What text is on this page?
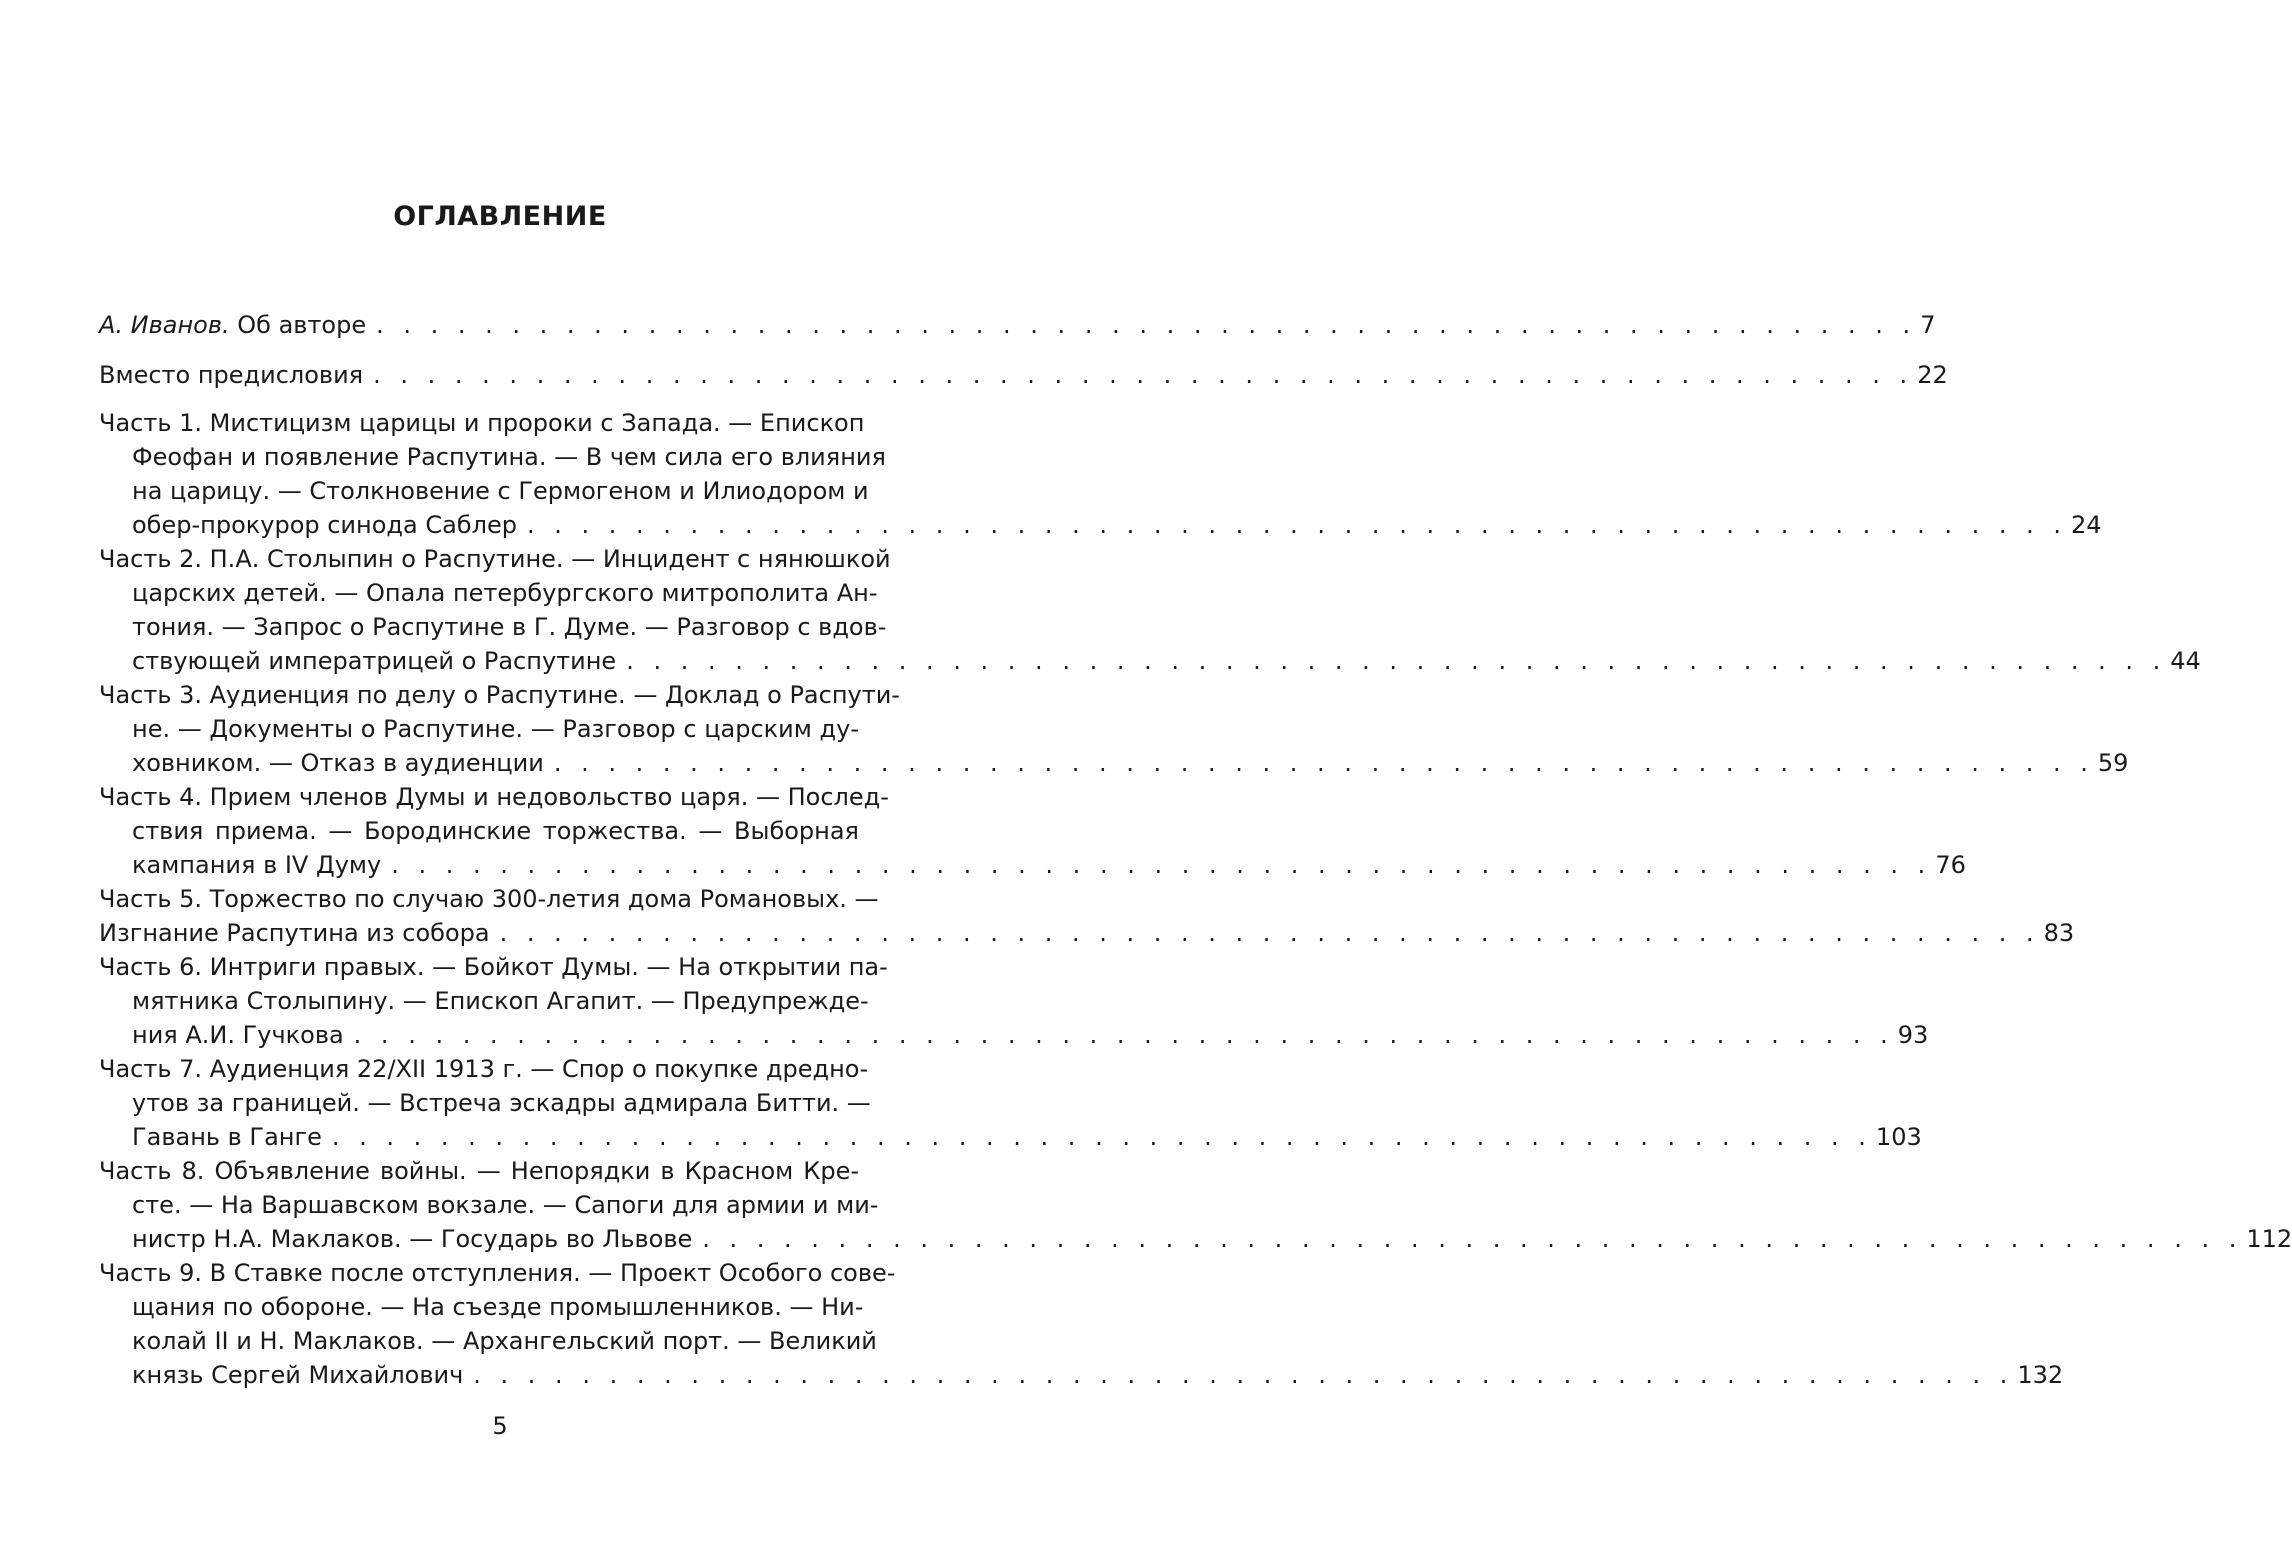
ОГЛАВЛЕНИЕ
А. Иванов. Об авторе . . . . . . . . . . . . . . . . . . . . . . . . . . . . . . . . . . . . . . . . . . . . . . . . . . . . . . . . . 7
Вместо предисловия . . . . . . . . . . . . . . . . . . . . . . . . . . . . . . . . . . . . . . . . . . . . . . . . . . . . . . . . . 22
Часть 1. Мистицизм царицы и пророки с Запада. — Епископ
Феофан и появление Распутина. — В чем сила его влияния
на царицу. — Столкновение с Гермогеном и Илиодором и
обер-прокурор синода Саблер . . . . . . . . . . . . . . . . . . . . . . . . . . . . . . . . . . . . . . . . . . . . . . . . . . . . . . . . . 24
Часть 2. П.А. Столыпин о Распутине. — Инцидент с нянюшкой
царских детей. — Опала петербургского митрополита Ан-
тония. — Запрос о Распутине в Г. Думе. — Разговор с вдов-
ствующей императрицей о Распутине . . . . . . . . . . . . . . . . . . . . . . . . . . . . . . . . . . . . . . . . . . . . . . . . . . . . . . . . . 44
Часть 3. Аудиенция по делу о Распутине. — Доклад о Распути-
не. — Документы о Распутине. — Разговор с царским ду-
ховником. — Отказ в аудиенции . . . . . . . . . . . . . . . . . . . . . . . . . . . . . . . . . . . . . . . . . . . . . . . . . . . . . . . . . 59
Часть 4. Прием членов Думы и недовольство царя. — Послед-
ствия приема. — Бородинские торжества. — Выборная
кампания в IV Думу . . . . . . . . . . . . . . . . . . . . . . . . . . . . . . . . . . . . . . . . . . . . . . . . . . . . . . . . . 76
Часть 5. Торжество по случаю 300-летия дома Романовых. —
Изгнание Распутина из собора . . . . . . . . . . . . . . . . . . . . . . . . . . . . . . . . . . . . . . . . . . . . . . . . . . . . . . . . . 83
Часть 6. Интриги правых. — Бойкот Думы. — На открытии па-
мятника Столыпину. — Епископ Агапит. — Предупрежде-
ния А.И. Гучкова . . . . . . . . . . . . . . . . . . . . . . . . . . . . . . . . . . . . . . . . . . . . . . . . . . . . . . . . . 93
Часть 7. Аудиенция 22/XII 1913 г. — Спор о покупке дредно-
утов за границей. — Встреча эскадры адмирала Битти. —
Гавань в Ганге . . . . . . . . . . . . . . . . . . . . . . . . . . . . . . . . . . . . . . . . . . . . . . . . . . . . . . . . . 103
Часть 8. Объявление войны. — Непорядки в Красном Кре-
сте. — На Варшавском вокзале. — Сапоги для армии и ми-
нистр Н.А. Маклаков. — Государь во Львове . . . . . . . . . . . . . . . . . . . . . . . . . . . . . . . . . . . . . . . . . . . . . . . . . . . . . . . . . 112
Часть 9. В Ставке после отступления. — Проект Особого сове-
щания по обороне. — На съезде промышленников. — Ни-
колай II и Н. Маклаков. — Архангельский порт. — Великий
князь Сергей Михайлович . . . . . . . . . . . . . . . . . . . . . . . . . . . . . . . . . . . . . . . . . . . . . . . . . . . . . . . . . 132
5
